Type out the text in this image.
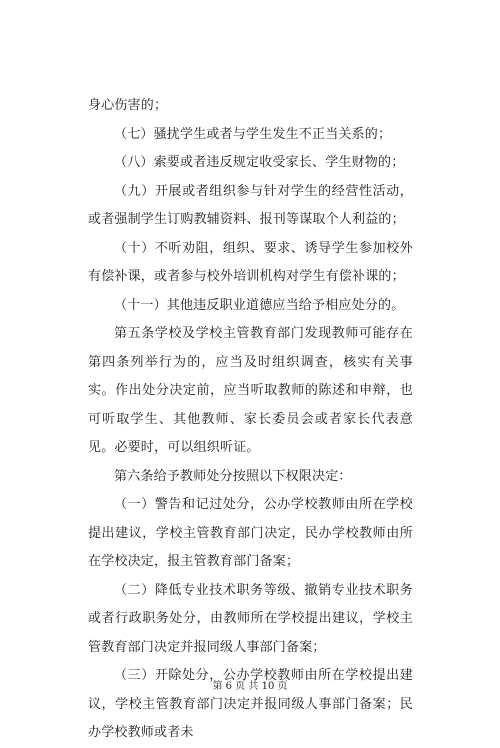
身心伤害的；

（七）骚扰学生或者与学生发生不正当关系的；

（八）索要或者违反规定收受家长、学生财物的；

（九）开展或者组织参与针对学生的经营性活动，或者强制学生订购教辅资料、报刊等谋取个人利益的；

（十）不听劝阻，组织、要求、诱导学生参加校外有偿补课，或者参与校外培训机构对学生有偿补课的；

（十一）其他违反职业道德应当给予相应处分的。

第五条学校及学校主管教育部门发现教师可能存在第四条列举行为的，应当及时组织调查，核实有关事实。作出处分决定前，应当听取教师的陈述和申辩，也可听取学生、其他教师、家长委员会或者家长代表意见。必要时，可以组织听证。

第六条给予教师处分按照以下权限决定：

（一）警告和记过处分，公办学校教师由所在学校提出建议，学校主管教育部门决定，民办学校教师由所在学校决定，报主管教育部门备案；

（二）降低专业技术职务等级、撤销专业技术职务或者行政职务处分，由教师所在学校提出建议，学校主管教育部门决定并报同级人事部门备案；

（三）开除处分，公办学校教师由所在学校提出建议，学校主管教育部门决定并报同级人事部门备案；民办学校教师或者未

第 6 页 共 10 页
